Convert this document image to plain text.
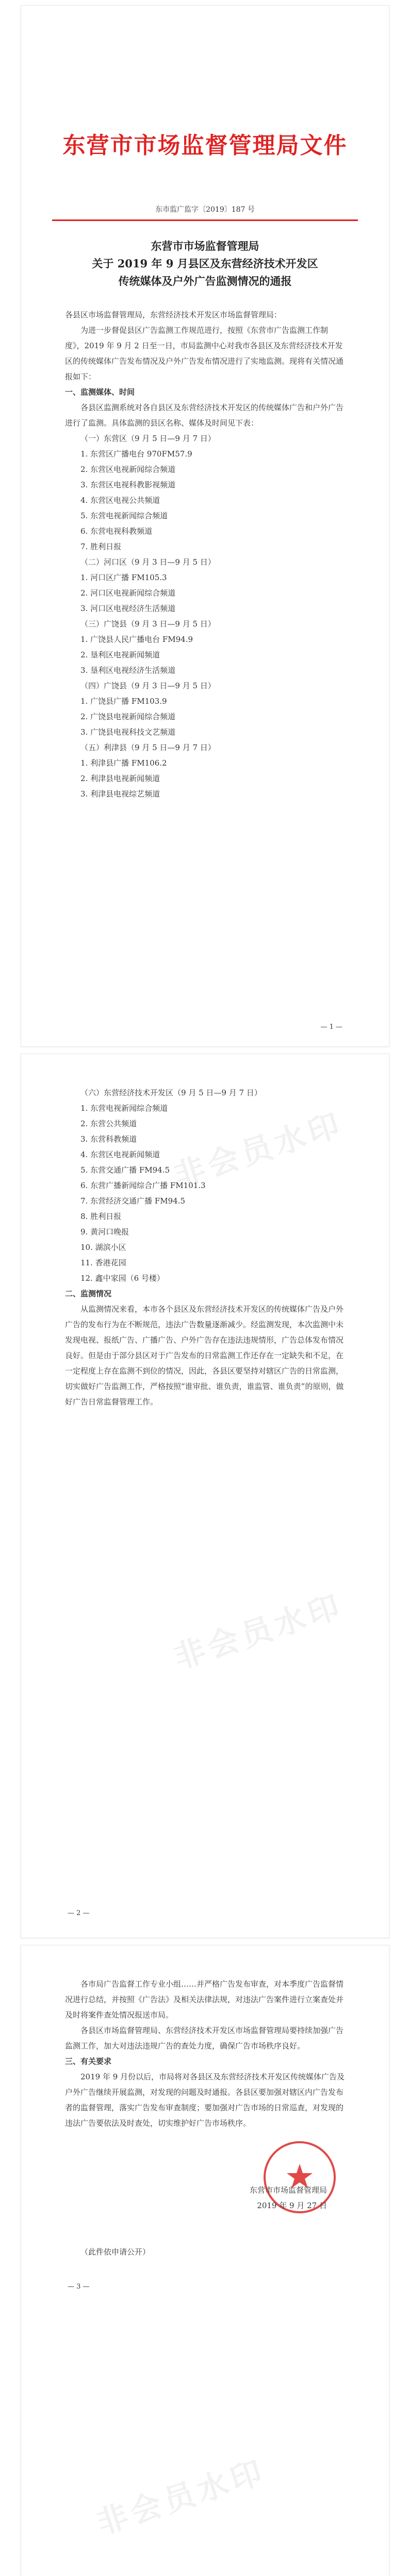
东营市市场监督管理局文件
东市监广监字〔2019〕187 号
东营市市场监督管理局
关于 2019 年 9 月县区及东营经济技术开发区
传统媒体及户外广告监测情况的通报

各县区市场监督管理局，东营经济技术开发区市场监督管理局：

为进一步督促县区广告监测工作规范进行，按照《东营市广告监测工作制度》，2019 年 9 月 2 日至一日，市局监测中心对我市各县区及东营经济技术开发区的传统媒体广告发布情况及户外广告发布情况进行了实地监测。现将有关情况通报如下：

一、监测媒体、时间

各县区监测系统对各自县区及东营经济技术开发区的传统媒体广告和户外广告进行了监测。具体监测的县区名称、媒体及时间见下表：

（一）东营区（9 月 5 日—9 月 7 日）

1. 东营区广播电台 970FM57.9
2. 东营区电视新闻综合频道
3. 东营区电视科教影视频道
4. 东营区电视公共频道
5. 东营电视新闻综合频道
6. 东营电视科教频道
7. 胜利日报
（二）河口区（9 月 3 日—9 月 5 日）
1. 河口区广播 FM105.3
2. 河口区电视新闻综合频道
3. 河口区电视经济生活频道
（三）广饶县（9 月 3 日—9 月 5 日）
1. 广饶县人民广播电台 FM94.9
2. 垦利区电视新闻频道
3. 垦利区电视经济生活频道
（四）广饶县（9 月 3 日—9 月 5 日）
1. 广饶县广播 FM103.9
2. 广饶县电视新闻综合频道
3. 广饶县电视科技文艺频道
（五）利津县（9 月 5 日—9 月 7 日）
1. 利津县广播 FM106.2
2. 利津县电视新闻频道
3. 利津县电视综艺频道
— 1 —

（六）东营经济技术开发区（9 月 5 日—9 月 7 日）

1. 东营电视新闻综合频道
2. 东营公共频道
3. 东营科教频道
4. 东营区电视新闻频道
5. 东营交通广播 FM94.5
6. 东营广播新闻综合广播 FM101.3
7. 东营经济交通广播 FM94.5
8. 胜利日报
9. 黄河口晚报
10. 湖滨小区
11. 香港花园
12. 鑫中家园（6 号楼）

二、监测情况

从监测情况来看，本市各个县区及东营经济技术开发区的传统媒体广告及户外广告的发布行为在不断规范，违法广告数量逐渐减少。经监测发现，本次监测中未发现电视、报纸广告、广播广告、户外广告存在违法违规情形，广告总体发布情况良好。但是由于部分县区对于广告发布的日常监测工作还存在一定缺失和不足，在一定程度上存在监测不到位的情况，因此，各县区要坚持对辖区广告的日常监测，切实做好广告监测工作，严格按照“谁审批、谁负责，谁监管、谁负责”的原则，做好广告日常监督管理工作。

— 2 —

各市局广告监督工作专业小组……并严格广告发布审查，对本季度广告监督情况进行总结，并按照《广告法》及相关法律法规，对违法广告案件进行立案查处并及时将案件查处情况报送市局。

各县区市场监督管理局、东营经济技术开发区市场监督管理局要持续加强广告监测工作，加大对违法违规广告的查处力度，确保广告市场秩序良好。

三、有关要求

2019 年 9 月份以后，市局将对各县区及东营经济技术开发区传统媒体广告及户外广告继续开展监测，对发现的问题及时通报。各县区要加强对辖区内广告发布者的监督管理，落实广告发布审查制度；要加强对广告市场的日常巡查，对发现的违法广告要依法及时查处，切实维护好广告市场秩序。

东营市市场监督管理局
2019 年 9 月 27 日

（此件依申请公开）

— 3 —
